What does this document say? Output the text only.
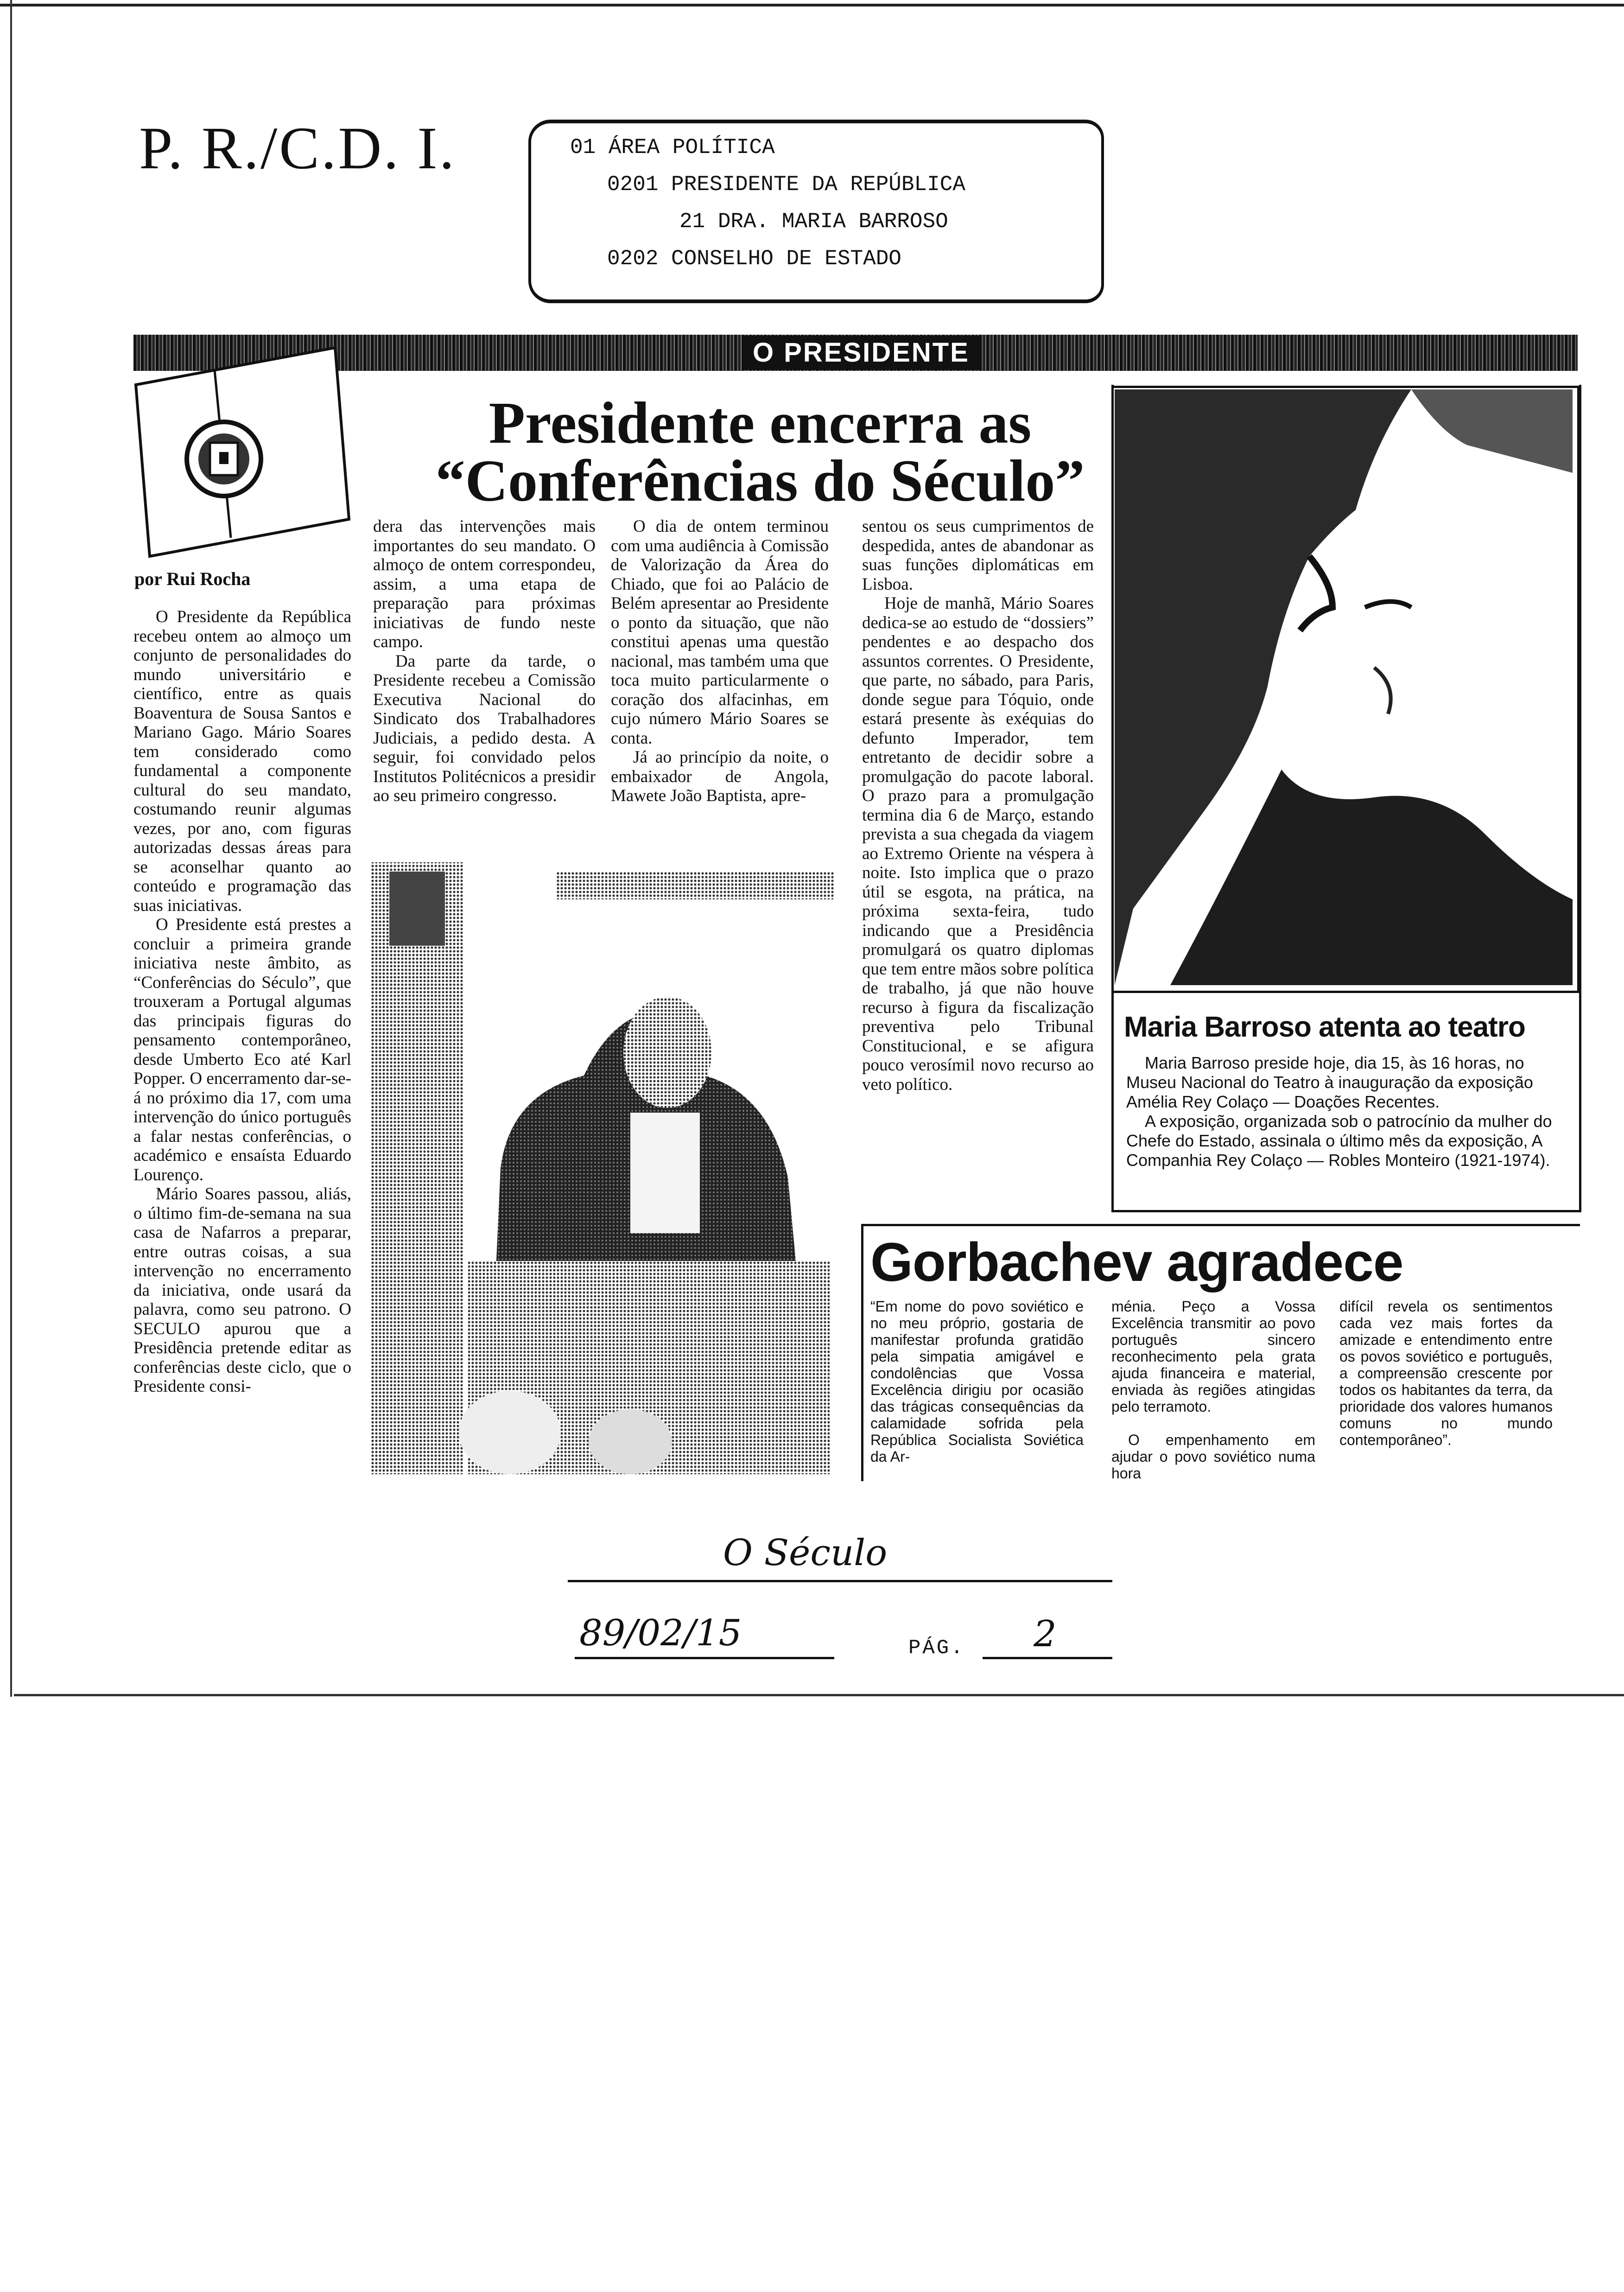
P. R./C.D. I.	01 ÁREA POLÍTICA
0201 PRESIDENTE DA REPÚBLICA
21 DRA. MARIA BARROSO
0202 CONSELHO DE ESTADO
O PRESIDENTE
por Rui Rocha
Presidente encerra as
“Conferências do Século”

O Presidente da República recebeu ontem ao almoço um conjunto de personalidades do mundo universitário e científico, entre as quais Boaventura de Sousa Santos e Mariano Gago. Mário Soares tem considerado como fundamental a componente cultural do seu mandato, costumando reunir algumas vezes, por ano, com figuras autorizadas dessas áreas para se aconselhar quanto ao conteúdo e programação das suas iniciativas.

O Presidente está prestes a concluir a primeira grande iniciativa neste âmbito, as “Conferências do Século”, que trouxeram a Portugal algumas das principais figuras do pensamento contemporâneo, desde Umberto Eco até Karl Popper. O encerramento dar-se-á no próximo dia 17, com uma intervenção do único português a falar nestas conferências, o académico e ensaísta Eduardo Lourenço.

Mário Soares passou, aliás, o último fim-de-semana na sua casa de Nafarros a preparar, entre outras coisas, a sua intervenção no encerramento da iniciativa, onde usará da palavra, como seu patrono. O SECULO apurou que a Presidência pretende editar as conferências deste ciclo, que o Presidente consi-

dera das intervenções mais importantes do seu mandato. O almoço de ontem correspondeu, assim, a uma etapa de preparação para próximas iniciativas de fundo neste campo.

Da parte da tarde, o Presidente recebeu a Comissão Executiva Nacional do Sindicato dos Trabalhadores Judiciais, a pedido desta. A seguir, foi convidado pelos Institutos Politécnicos a presidir ao seu primeiro congresso.

O dia de ontem terminou com uma audiência à Comissão de Valorização da Área do Chiado, que foi ao Palácio de Belém apresentar ao Presidente o ponto da situação, que não constitui apenas uma questão nacional, mas também uma que toca muito particularmente o coração dos alfacinhas, em cujo número Mário Soares se conta.

Já ao princípio da noite, o embaixador de Angola, Mawete João Baptista, apre-

sentou os seus cumprimentos de despedida, antes de abandonar as suas funções diplomáticas em Lisboa.

Hoje de manhã, Mário Soares dedica-se ao estudo de “dossiers” pendentes e ao despacho dos assuntos correntes. O Presidente, que parte, no sábado, para Paris, donde segue para Tóquio, onde estará presente às exéquias do defunto Imperador, tem entretanto de decidir sobre a promulgação do pacote laboral. O prazo para a promulgação termina dia 6 de Março, estando prevista a sua chegada da viagem ao Extremo Oriente na véspera à noite. Isto implica que o prazo útil se esgota, na prática, na próxima sexta-feira, tudo indicando que a Presidência promulgará os quatro diplomas que tem entre mãos sobre política de trabalho, já que não houve recurso à figura da fiscalização preventiva pelo Tribunal Constitucional, e se afigura pouco verosímil novo recurso ao veto político.

Maria Barroso atenta ao teatro

Maria Barroso preside hoje, dia 15, às 16 horas, no Museu Nacional do Teatro à inauguração da exposição Amélia Rey Colaço — Doações Recentes.

A exposição, organizada sob o patrocínio da mulher do Chefe do Estado, assinala o último mês da exposição, A Companhia Rey Colaço — Robles Monteiro (1921-1974).

Gorbachev agradece

“Em nome do povo soviético e no meu próprio, gostaria de manifestar profunda gratidão pela simpatia amigável e condolências que Vossa Excelência dirigiu por ocasião das trágicas consequências da calamidade sofrida pela República Socialista Soviética da Ar-

ménia. Peço a Vossa Excelência transmitir ao povo português sincero reconhecimento pela grata ajuda financeira e material, enviada às regiões atingidas pelo terramoto.

O empenhamento em ajudar o povo soviético numa hora

difícil revela os sentimentos cada vez mais fortes da amizade e entendimento entre os povos soviético e português, a compreensão crescente por todos os habitantes da terra, da prioridade dos valores humanos comuns no mundo contemporâneo”.

O Século
89/02/15	PÁG. 2
